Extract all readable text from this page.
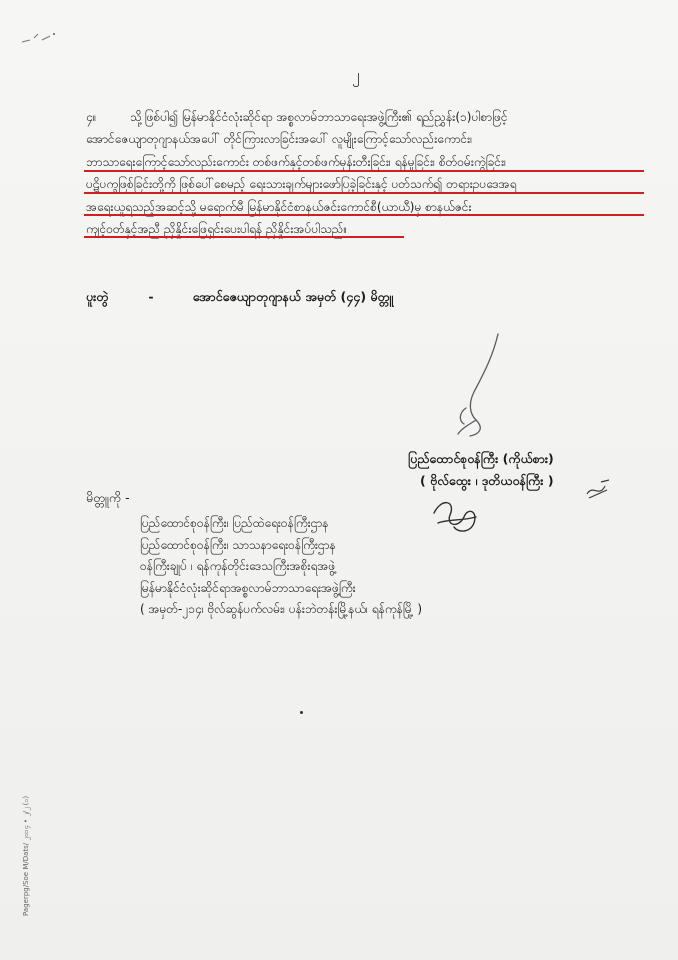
၂
၄။	သို့ဖြစ်ပါ၍ မြန်မာနိုင်ငံလုံးဆိုင်ရာ အစ္စလာမ်ဘာသာရေးအဖွဲ့ကြီး၏ ရည်ညွှန်း(၁)ပါစာဖြင့်
အောင်ဇေယျာတုဂျာနယ်အပေါ် တိုင်ကြားလာခြင်းအပေါ် လူမျိုးကြောင့်သော်လည်းကောင်း၊
ဘာသာရေးကြောင့်သော်လည်းကောင်း တစ်ဖက်နှင့်တစ်ဖက်မုန်းတီးခြင်း၊ ရန်မူခြင်း၊ စိတ်ဝမ်းကွဲခြင်း၊
ပဋိပက္ခဖြစ်ခြင်းတို့ကို ဖြစ်ပေါ်စေမည့် ရေးသားချက်များဖော်ပြခဲ့ခြင်းနှင့် ပတ်သက်၍ တရားဥပဒေအရ
အရေးယူရသည့်အဆင့်သို့ မရောက်မီ မြန်မာနိုင်ငံစာနယ်ဇင်းကောင်စီ(ယာယီ)မှ စာနယ်ဇင်း
ကျင့်ဝတ်နှင့်အညီ ညှိနှိုင်းဖြေရှင်းပေးပါရန် ညှိနှိုင်းအပ်ပါသည်။
ပူးတွဲ	-	အောင်ဇေယျာတုဂျာနယ် အမှတ် (၄၄) မိတ္တူ
ပြည်ထောင်စုဝန်ကြီး (ကိုယ်စား)
( ဗိုလ်ထွေး ၊ ဒုတိယဝန်ကြီး )
မိတ္တူကို -
ပြည်ထောင်စုဝန်ကြီး၊ ပြည်ထဲရေးဝန်ကြီးဌာန
ပြည်ထောင်စုဝန်ကြီး၊ သာသနာရေးဝန်ကြီးဌာန
ဝန်ကြီးချုပ် ၊ ရန်ကုန်တိုင်းဒေသကြီးအစိုးရအဖွဲ့
မြန်မာနိုင်ငံလုံးဆိုင်ရာအစ္စလာမ်ဘာသာရေးအဖွဲ့ကြီး
( အမှတ်-၂၁၄၊ ဗိုလ်ဆွန်ပက်လမ်း၊ ပန်းဘဲတန်းမြို့နယ်၊ ရန်ကုန်မြို့ )
Pagerpg/Soe M/Dats/ ၂၀၁၄ • ၂/၂ (၁)
